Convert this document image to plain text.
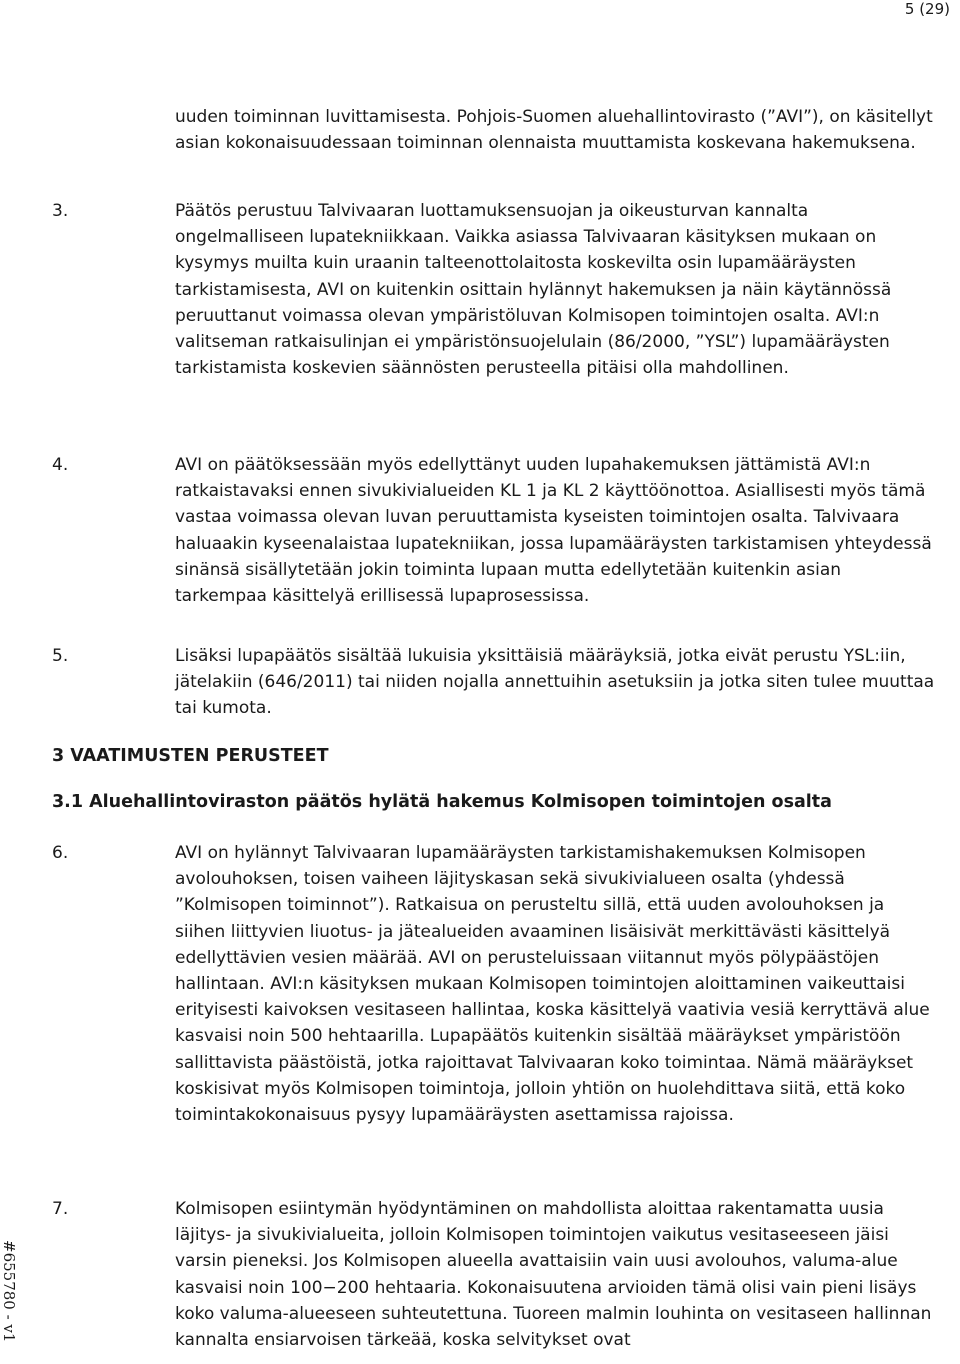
5 (29)

uuden toiminnan luvittamisesta. Pohjois-Suomen aluehallintovirasto (”AVI”), on käsitellyt asian kokonaisuudessaan toiminnan olennaista muuttamista koskevana hakemuksena.

3.	Päätös perustuu Talvivaaran luottamuksensuojan ja oikeusturvan kannalta ongelmalliseen lupatekniikkaan. Vaikka asiassa Talvivaaran käsityksen mukaan on kysymys muilta kuin uraanin talteenottolaitosta koskevilta osin lupamääräysten tarkistamisesta, AVI on kuitenkin osittain hylännyt hakemuksen ja näin käytännössä peruuttanut voimassa olevan ympäristöluvan Kolmisopen toimintojen osalta. AVI:n valitseman ratkaisulinjan ei ympäristönsuojelulain (86/2000, ”YSL”) lupamääräysten tarkistamista koskevien säännösten perusteella pitäisi olla mahdollinen.
4.	AVI on päätöksessään myös edellyttänyt uuden lupahakemuksen jättämistä AVI:n ratkaistavaksi ennen sivukivialueiden KL 1 ja KL 2 käyttöönottoa. Asiallisesti myös tämä vastaa voimassa olevan luvan peruuttamista kyseisten toimintojen osalta. Talvivaara haluaakin kyseenalaistaa lupatekniikan, jossa lupamääräysten tarkistamisen yhteydessä sinänsä sisällytetään jokin toiminta lupaan mutta edellytetään kuitenkin asian tarkempaa käsittelyä erillisessä lupaprosessissa.
5.	Lisäksi lupapäätös sisältää lukuisia yksittäisiä määräyksiä, jotka eivät perustu YSL:iin, jätelakiin (646/2011) tai niiden nojalla annettuihin asetuksiin ja jotka siten tulee muuttaa tai kumota.
3 VAATIMUSTEN PERUSTEET
3.1 Aluehallintoviraston päätös hylätä hakemus Kolmisopen toimintojen osalta
6.	AVI on hylännyt Talvivaaran lupamääräysten tarkistamishakemuksen Kolmisopen avolouhoksen, toisen vaiheen läjityskasan sekä sivukivialueen osalta (yhdessä ”Kolmisopen toiminnot”). Ratkaisua on perusteltu sillä, että uuden avolouhoksen ja siihen liittyvien liuotus- ja jätealueiden avaaminen lisäisivät merkittävästi käsittelyä edellyttävien vesien määrää. AVI on perusteluissaan viitannut myös pölypäästöjen hallintaan. AVI:n käsityksen mukaan Kolmisopen toimintojen aloittaminen vaikeuttaisi erityisesti kaivoksen vesitaseen hallintaa, koska käsittelyä vaativia vesiä kerryttävä alue kasvaisi noin 500 hehtaarilla. Lupapäätös kuitenkin sisältää määräykset ympäristöön sallittavista päästöistä, jotka rajoittavat Talvivaaran koko toimintaa. Nämä määräykset koskisivat myös Kolmisopen toimintoja, jolloin yhtiön on huolehdittava siitä, että koko toimintakokonaisuus pysyy lupamääräysten asettamissa rajoissa.
7.	Kolmisopen esiintymän hyödyntäminen on mahdollista aloittaa rakentamatta uusia läjitys- ja sivukivialueita, jolloin Kolmisopen toimintojen vaikutus vesitaseeseen jäisi varsin pieneksi. Jos Kolmisopen alueella avattaisiin vain uusi avolouhos, valuma-alue kasvaisi noin 100−200 hehtaaria. Kokonaisuutena arvioiden tämä olisi vain pieni lisäys koko valuma-alueeseen suhteutettuna. Tuoreen malmin louhinta on vesitaseen hallinnan kannalta ensiarvoisen tärkeää, koska selvitykset ovat
#655780 - v1
